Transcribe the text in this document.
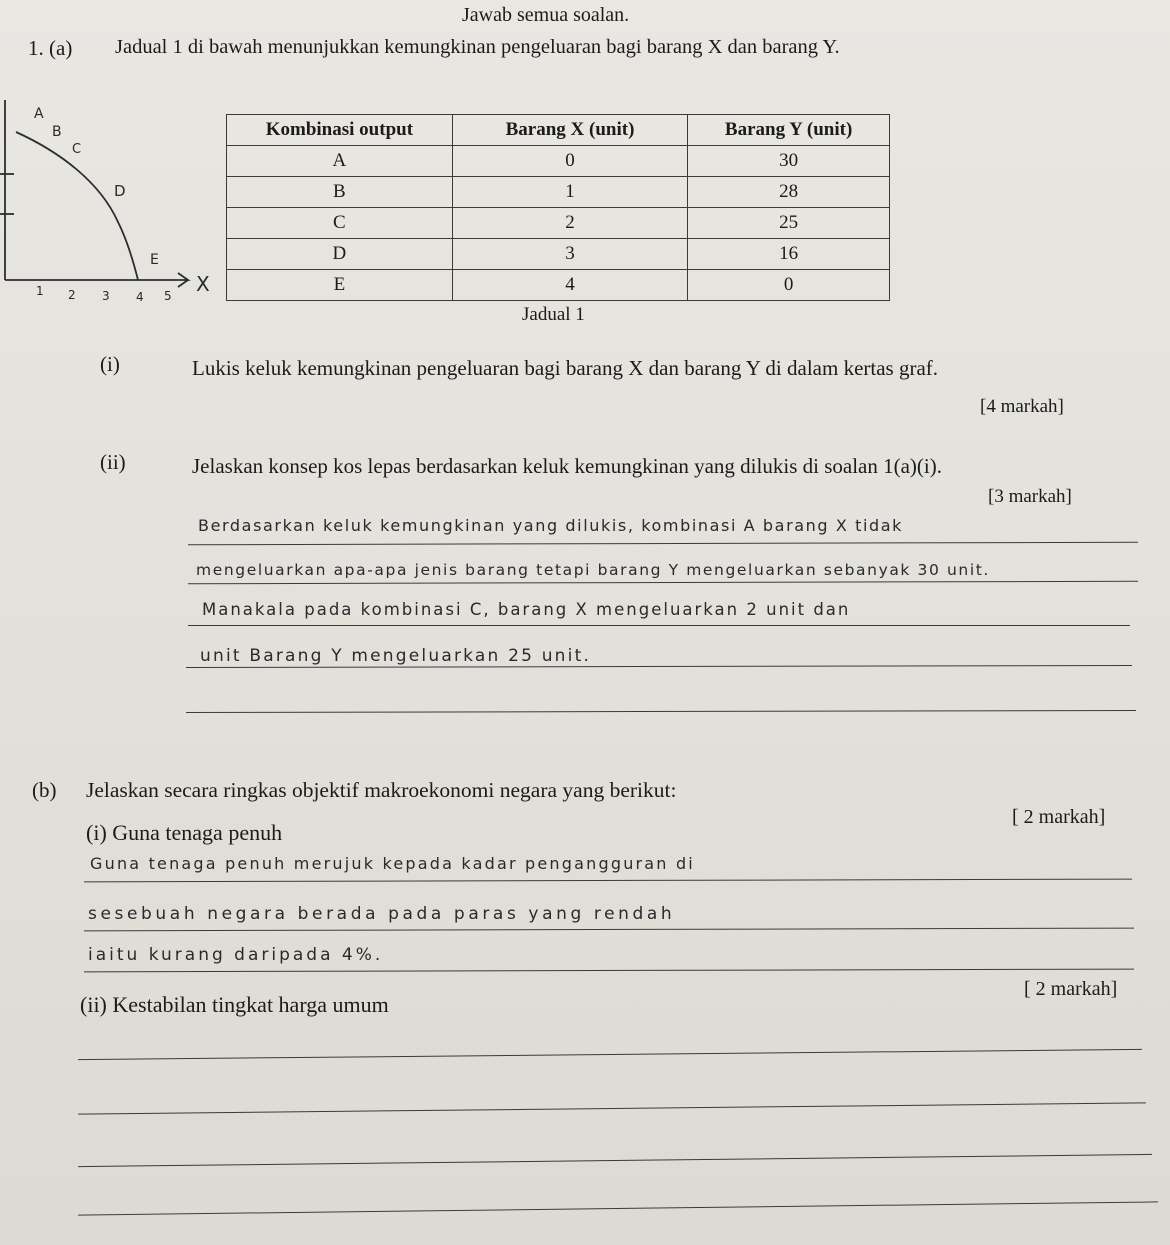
Jawab semua soalan.
1. (a) Jadual 1 di bawah menunjukkan kemungkinan pengeluaran bagi barang X dan barang Y.
A
B
C
D
E
1 2 3 4 5 X
Kombinasi output	Barang X (unit)	Barang Y (unit)
A	0	30
B	1	28
C	2	25
D	3	16
E	4	0
Jadual 1
(i)	Lukis keluk kemungkinan pengeluaran bagi barang X dan barang Y di dalam kertas graf.
[4 markah]
(ii)	Jelaskan konsep kos lepas berdasarkan keluk kemungkinan yang dilukis di soalan 1(a)(i).
[3 markah]
Berdasarkan keluk kemungkinan yang dilukis, kombinasi A barang X tidak
mengeluarkan apa-apa jenis barang tetapi barang Y mengeluarkan sebanyak 30 unit.
Manakala pada kombinasi C, barang X mengeluarkan 2 unit dan
unit Barang Y mengeluarkan 25 unit.
(b) Jelaskan secara ringkas objektif makroekonomi negara yang berikut:
(i) Guna tenaga penuh
[ 2 markah]
Guna tenaga penuh merujuk kepada kadar pengangguran di
sesebuah negara berada pada paras yang rendah
iaitu kurang daripada 4%.
(ii) Kestabilan tingkat harga umum
[ 2 markah]
